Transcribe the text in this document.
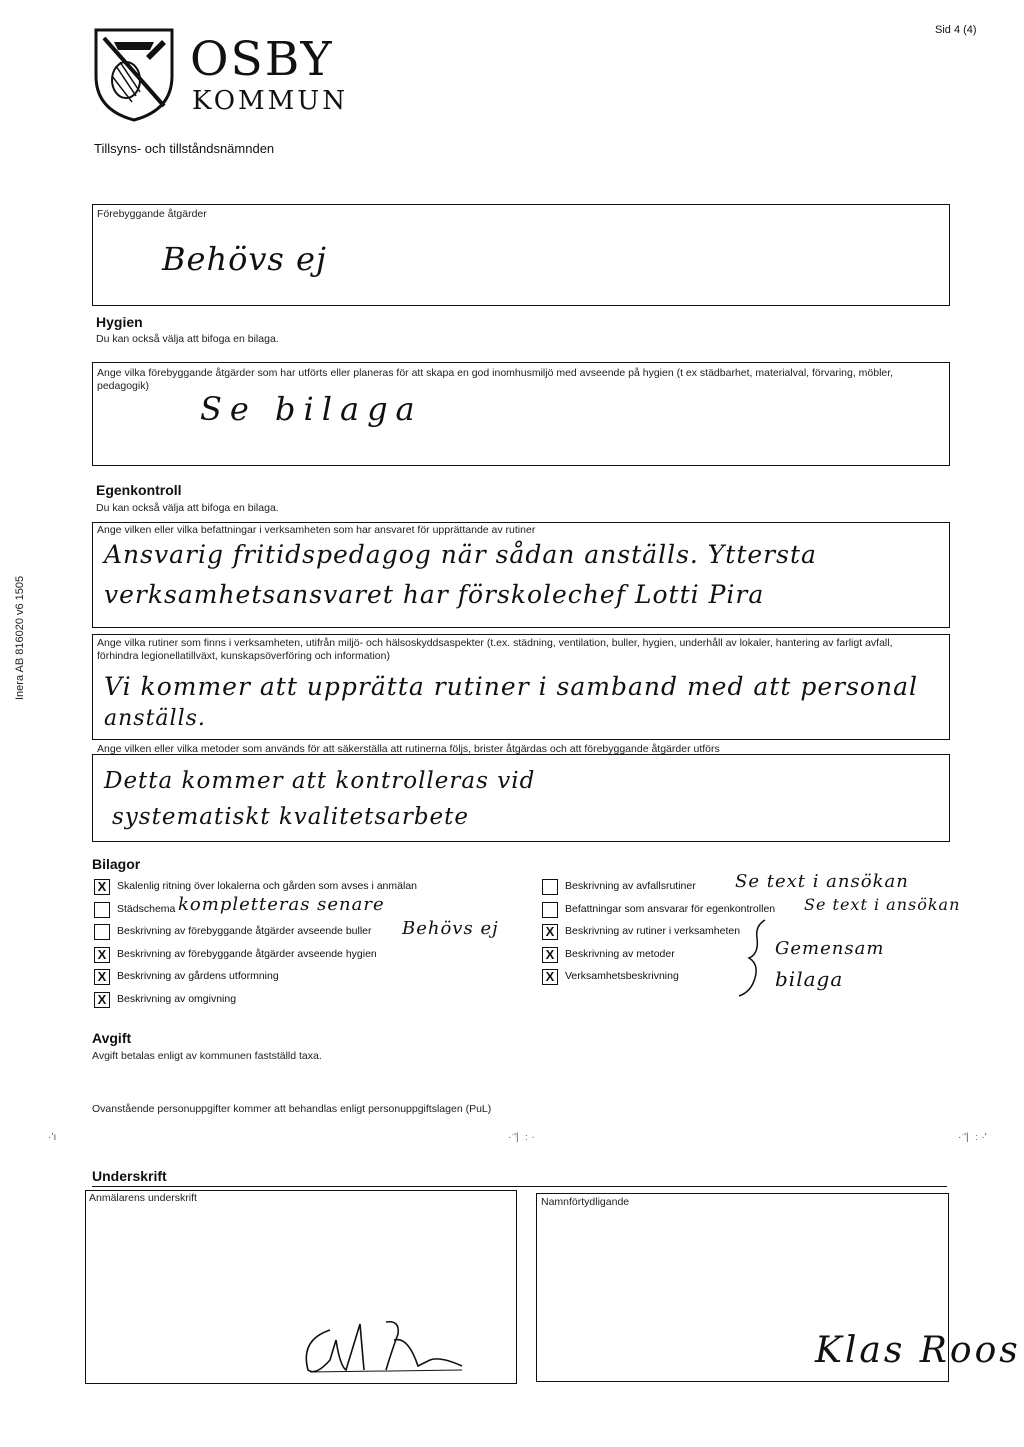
Sid 4 (4)
OSBY
KOMMUN
Tillsyns- och tillståndsnämnden
Inera AB 816020 v6 1505
Förebyggande åtgärder
Behövs ej
Hygien
Du kan också välja att bifoga en bilaga.
Ange vilka förebyggande åtgärder som har utförts eller planeras för att skapa en god inomhusmiljö med avseende på hygien (t ex städbarhet, materialval, förvaring, möbler, pedagogik)
Se bilaga
Egenkontroll
Du kan också välja att bifoga en bilaga.
Ange vilken eller vilka befattningar i verksamheten som har ansvaret för upprättande av rutiner
Ansvarig fritidspedagog när sådan anställs. Yttersta
verksamhetsansvaret har förskolechef Lotti Pira
Ange vilka rutiner som finns i verksamheten, utifrån miljö- och hälsoskyddsaspekter (t.ex. städning, ventilation, buller, hygien, underhåll av lokaler, hantering av farligt avfall, förhindra legionellatillväxt, kunskapsöverföring och information)
Vi kommer att upprätta rutiner i samband med att personal
anställs.
Ange vilken eller vilka metoder som används för att säkerställa att rutinerna följs, brister åtgärdas och att förebyggande åtgärder utförs
Detta kommer att kontrolleras vid
systematiskt kvalitetsarbete
Bilagor
X	Skalenlig ritning över lokalerna och gården som avses i anmälan
Städschema kompletteras senare
Beskrivning av förebyggande åtgärder avseende buller Behövs ej
X	Beskrivning av förebyggande åtgärder avseende hygien
X	Beskrivning av gårdens utformning
X	Beskrivning av omgivning
Beskrivning av avfallsrutiner Se text i ansökan
Befattningar som ansvarar för egenkontrollen Se text i ansökan
X	Beskrivning av rutiner i verksamheten
X	Beskrivning av metoder	Gemensam
X	Verksamhetsbeskrivning	bilaga
Avgift
Avgift betalas enligt av kommunen fastställd taxa.
Ovanstående personuppgifter kommer att behandlas enligt personuppgiftslagen (PuL)
·’ı	·ˑ'| ﹕·	·ˑ'| ﹕·'
Underskrift
Anmälarens underskrift	Namnförtydligande
Klas Roos
